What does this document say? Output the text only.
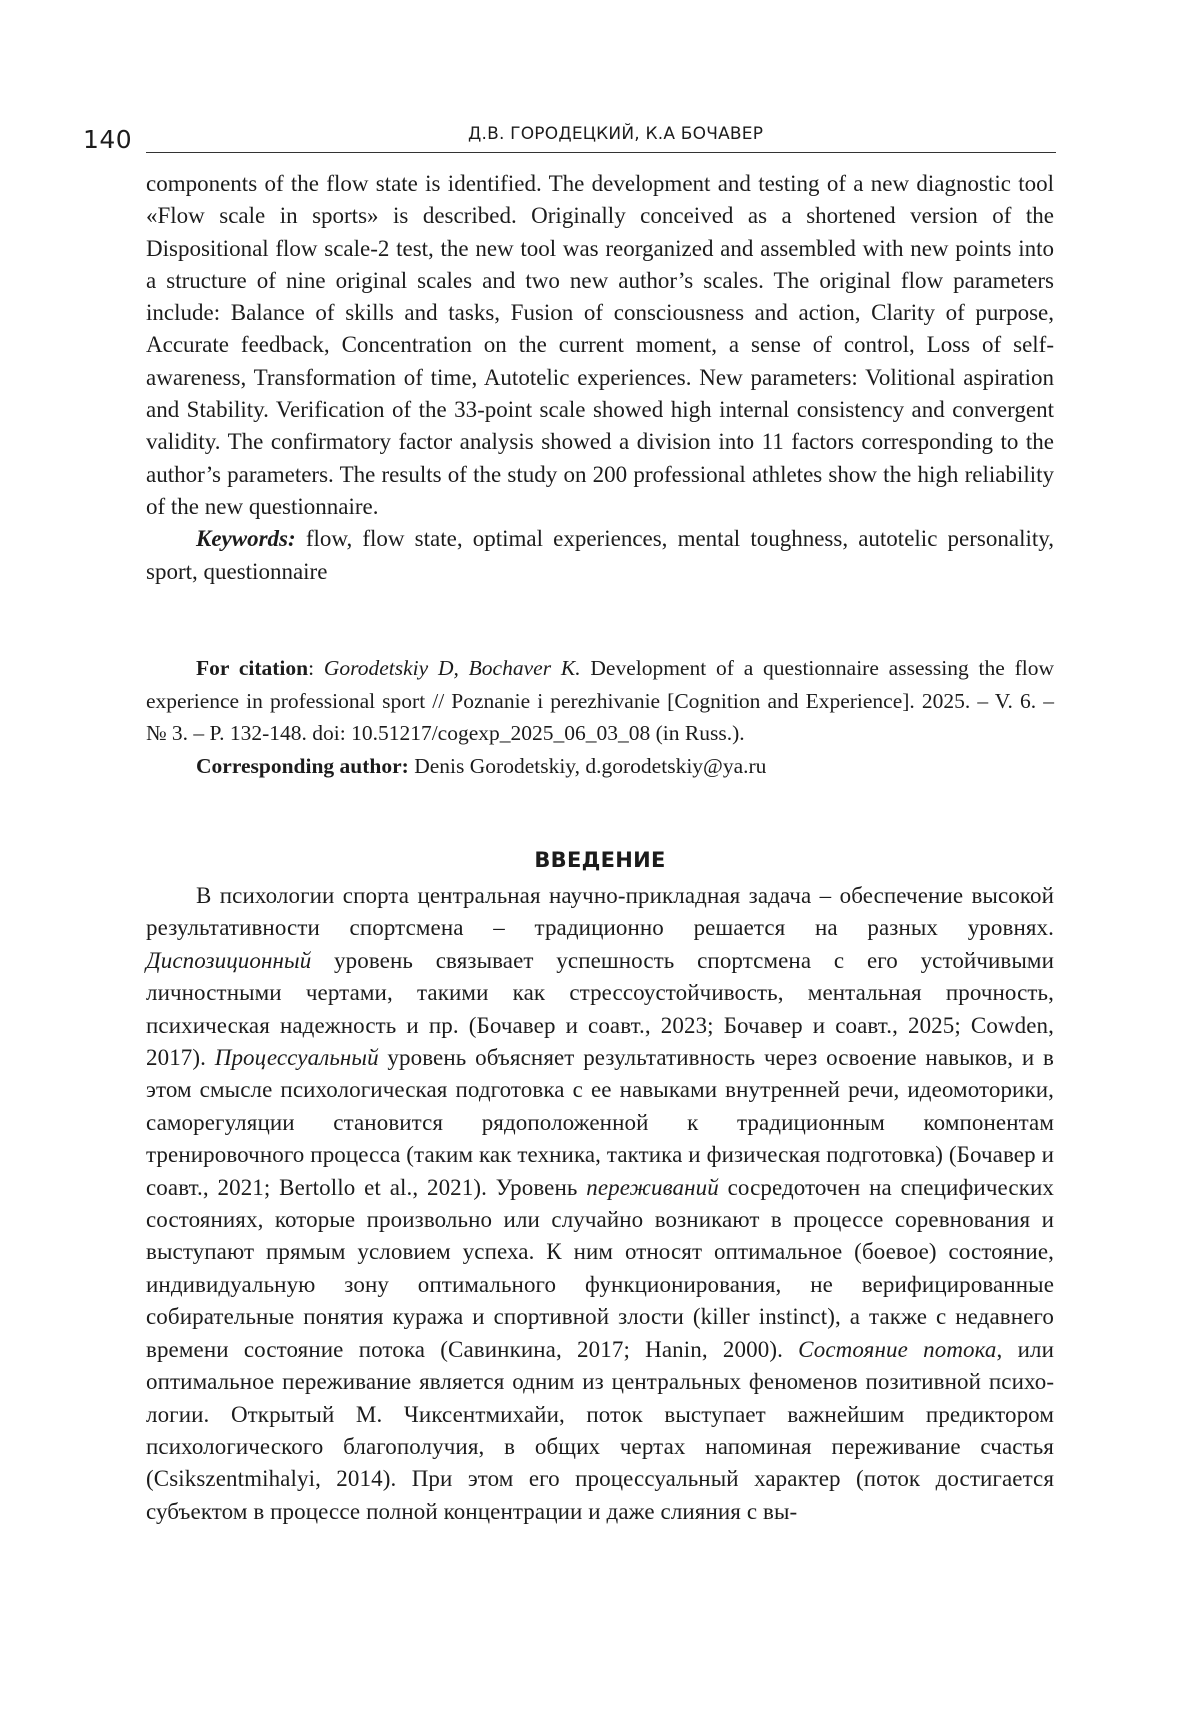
140	Д.В. ГОРОДЕЦКИЙ, К.А БОЧАВЕР

components of the flow state is identified. The development and testing of a new diagnostic tool «Flow scale in sports» is described. Originally conceived as a shortened version of the Dispositional flow scale-2 test, the new tool was reorganized and assembled with new points into a structure of nine original scales and two new author’s scales. The original flow parameters include: Balance of skills and tasks, Fusion of consciousness and action, Clarity of purpose, Accurate feedback, Concentration on the current moment, a sense of control, Loss of self-awareness, Transformation of time, Autotelic experiences. New parameters: Volitional aspiration and Stability. Verification of the 33-point scale showed high internal consistency and convergent validity. The confirmatory factor analysis showed a division into 11 factors corresponding to the author’s parameters. The results of the study on 200 professional athletes show the high reliability of the new questionnaire.

Keywords: flow, flow state, optimal experiences, mental toughness, autotelic personality, sport, questionnaire

For citation: Gorodetskiy D, Bochaver K. Development of a questionnaire assessing the flow experience in professional sport // Poznanie i perezhivanie [Cognition and Experience]. 2025. – V. 6. – № 3. – P. 132-148. doi: 10.51217/cogexp_2025_06_03_08 (in Russ.).

Corresponding author: Denis Gorodetskiy, d.gorodetskiy@ya.ru

ВВЕДЕНИЕ

В психологии спорта центральная научно-прикладная задача – обеспечение высокой результативности спортсмена – традиционно решается на разных уровнях. Диспозиционный уровень связывает успешность спортсмена с его устойчивыми личностными чертами, такими как стрессоустойчивость, ментальная прочность, психическая надежность и пр. (Бочавер и соавт., 2023; Бочавер и соавт., 2025; Cowden, 2017). Процессуальный уровень объясняет результативность через освоение навыков, и в этом смысле психологическая подготовка с ее навыками внутренней речи, идеомоторики, саморегуляции становится рядоположенной к традиционным компонентам тренировочного процесса (таким как техника, тактика и физическая подготовка) (Бочавер и соавт., 2021; Bertollo et al., 2021). Уровень переживаний сосредоточен на специфических состояниях, которые произвольно или случайно возникают в процессе соревнования и выступают прямым условием успеха. К ним относят оптимальное (боевое) состояние, индивидуальную зону оптимального функционирования, не верифицированные собирательные понятия куража и спортивной злости (killer instinct), а также с недавнего времени состояние потока (Савинкина, 2017; Hanin, 2000). Состояние потока, или оптимальное переживание является одним из центральных феноменов позитивной психологии. Открытый М. Чиксентмихайи, поток выступает важнейшим предиктором психологического благополучия, в общих чертах напоминая переживание счастья (Csikszentmihalyi, 2014). При этом его процессуальный характер (поток достигается субъектом в процессе полной концентрации и даже слияния с вы-
